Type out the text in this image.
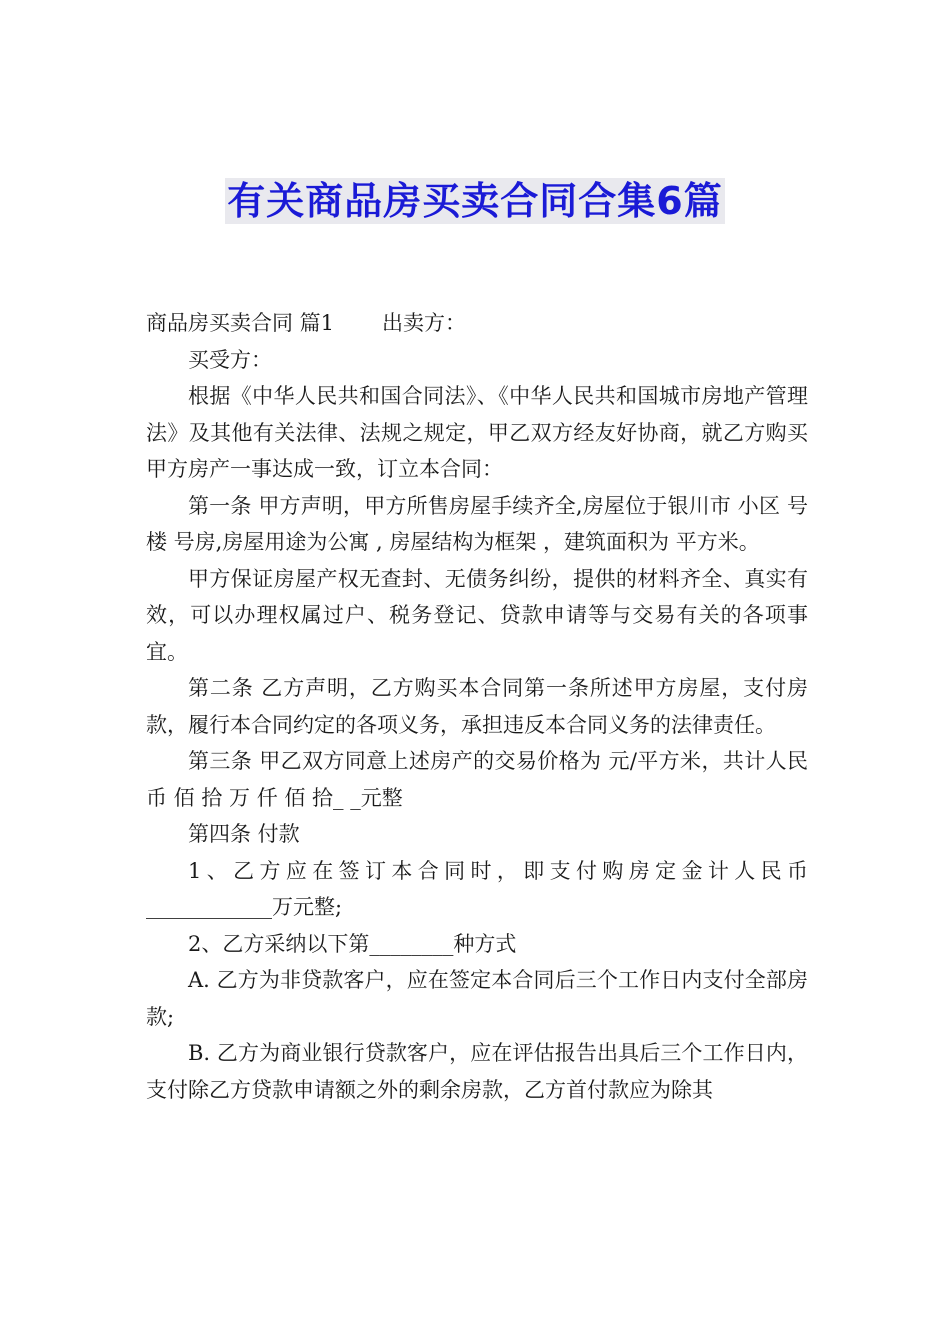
有关商品房买卖合同合集6篇

商品房买卖合同 篇1 出卖方：

买受方：

根据《中华人民共和国合同法》、《中华人民共和国城市房地产管理法》及其他有关法律、法规之规定，甲乙双方经友好协商，就乙方购买甲方房产一事达成一致，订立本合同：

第一条 甲方声明，甲方所售房屋手续齐全,房屋位于银川市 小区 号楼 号房,房屋用途为公寓 , 房屋结构为框架 ，建筑面积为 平方米。

甲方保证房屋产权无查封、无债务纠纷，提供的材料齐全、真实有效，可以办理权属过户、税务登记、贷款申请等与交易有关的各项事宜。

第二条 乙方声明，乙方购买本合同第一条所述甲方房屋，支付房款，履行本合同约定的各项义务，承担违反本合同义务的法律责任。

第三条 甲乙双方同意上述房产的交易价格为 元/平方米，共计人民币 佰 拾 万 仟 佰 拾_ _元整

第四条 付款

1、乙方应在签订本合同时，即支付购房定金计人民币____________万元整;

2、乙方采纳以下第________种方式

A. 乙方为非贷款客户，应在签定本合同后三个工作日内支付全部房款;

B. 乙方为商业银行贷款客户，应在评估报告出具后三个工作日内，支付除乙方贷款申请额之外的剩余房款，乙方首付款应为除其
